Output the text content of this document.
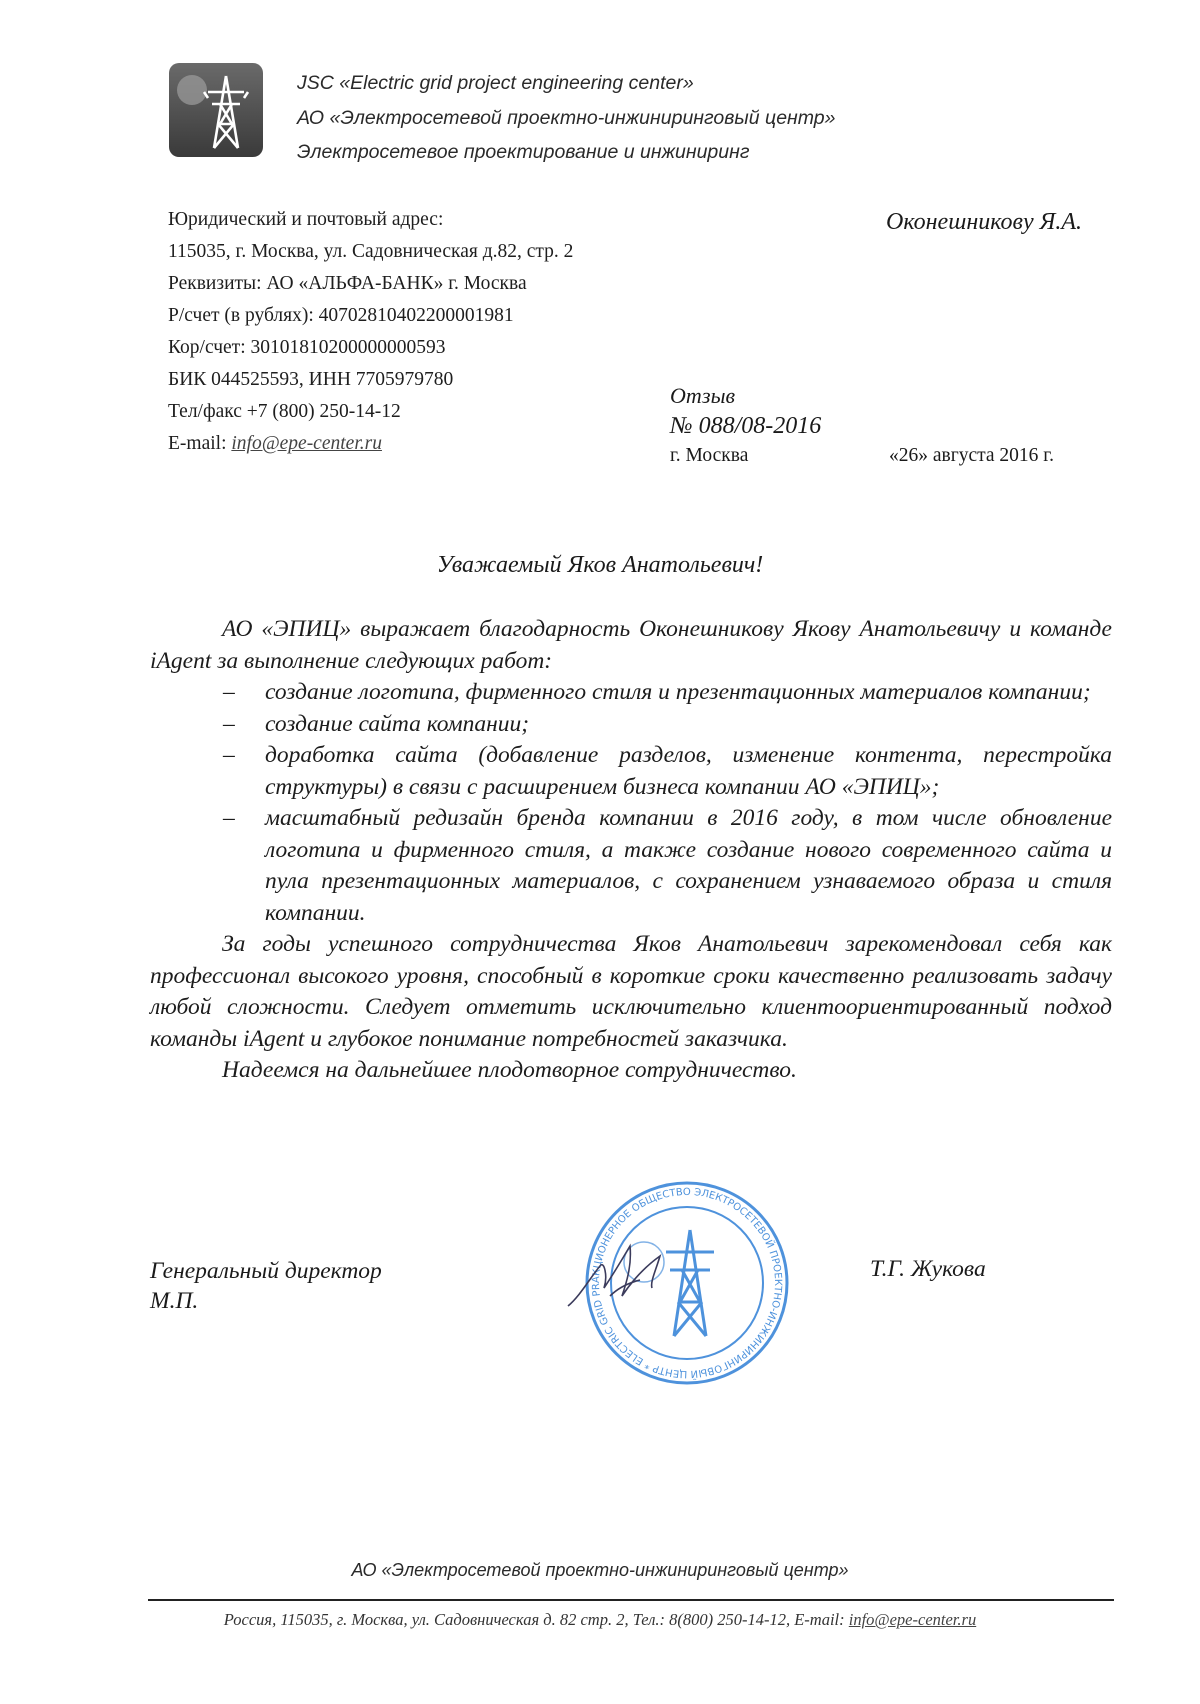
JSC «Electric grid project engineering center»
АО «Электросетевой проектно-инжиниринговый центр»
Электросетевое проектирование и инжиниринг
Юридический и почтовый адрес:
115035, г. Москва, ул. Садовническая д.82, стр. 2
Реквизиты: АО «АЛЬФА-БАНК» г. Москва
Р/счет (в рублях): 40702810402200001981
Кор/счет: 30101810200000000593
БИК 044525593, ИНН 7705979780
Тел/факс +7 (800) 250-14-12
E-mail: info@epe-center.ru
Оконешникову Я.А.
Отзыв
№ 088/08-2016
г. Москва	«26» августа 2016 г.
Уважаемый Яков Анатольевич!
АО «ЭПИЦ» выражает благодарность Оконешникову Якову Анатольевичу и команде iAgent за выполнение следующих работ:
– создание логотипа, фирменного стиля и презентационных материалов компании;
– создание сайта компании;
– доработка сайта (добавление разделов, изменение контента, перестройка структуры) в связи с расширением бизнеса компании АО «ЭПИЦ»;
– масштабный редизайн бренда компании в 2016 году, в том числе обновление логотипа и фирменного стиля, а также создание нового современного сайта и пула презентационных материалов, с сохранением узнаваемого образа и стиля компании.
За годы успешного сотрудничества Яков Анатольевич зарекомендовал себя как профессионал высокого уровня, способный в короткие сроки качественно реализовать задачу любой сложности. Следует отметить исключительно клиентоориентированный подход команды iAgent и глубокое понимание потребностей заказчика.
Надеемся на дальнейшее плодотворное сотрудничество.
АКЦИОНЕРНОЕ ОБЩЕСТВО ЭЛЕКТРОСЕТЕВОЙ ПРОЕКТНО-ИНЖИНИРИНГОВЫЙ ЦЕНТР * ELECTRIC GRID PR
Генеральный директор
М.П.
Т.Г. Жукова
АО «Электросетевой проектно-инжиниринговый центр»
Россия, 115035, г. Москва, ул. Садовническая д. 82 стр. 2, Тел.: 8(800) 250-14-12, E-mail: info@epe-center.ru
